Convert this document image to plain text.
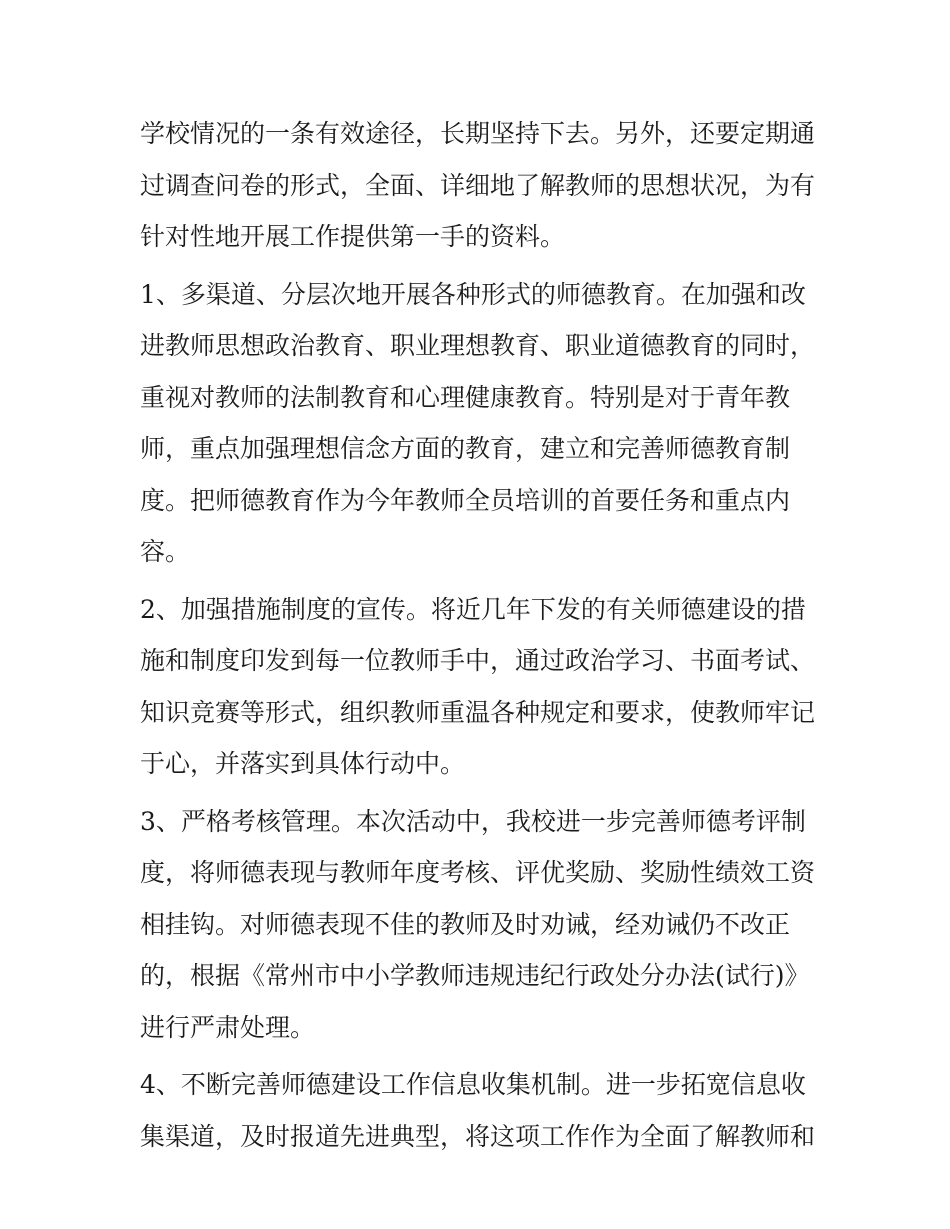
学校情况的一条有效途径，长期坚持下去。另外，还要定期通
过调查问卷的形式，全面、详细地了解教师的思想状况，为有
针对性地开展工作提供第一手的资料。
1、多渠道、分层次地开展各种形式的师德教育。在加强和改
进教师思想政治教育、职业理想教育、职业道德教育的同时，
重视对教师的法制教育和心理健康教育。特别是对于青年教
师，重点加强理想信念方面的教育，建立和完善师德教育制
度。把师德教育作为今年教师全员培训的首要任务和重点内
容。
2、加强措施制度的宣传。将近几年下发的有关师德建设的措
施和制度印发到每一位教师手中，通过政治学习、书面考试、
知识竞赛等形式，组织教师重温各种规定和要求，使教师牢记
于心，并落实到具体行动中。
3、严格考核管理。本次活动中，我校进一步完善师德考评制
度，将师德表现与教师年度考核、评优奖励、奖励性绩效工资
相挂钩。对师德表现不佳的教师及时劝诫，经劝诫仍不改正
的，根据《常州市中小学教师违规违纪行政处分办法(试行)》
进行严肃处理。
4、不断完善师德建设工作信息收集机制。进一步拓宽信息收
集渠道，及时报道先进典型，将这项工作作为全面了解教师和
